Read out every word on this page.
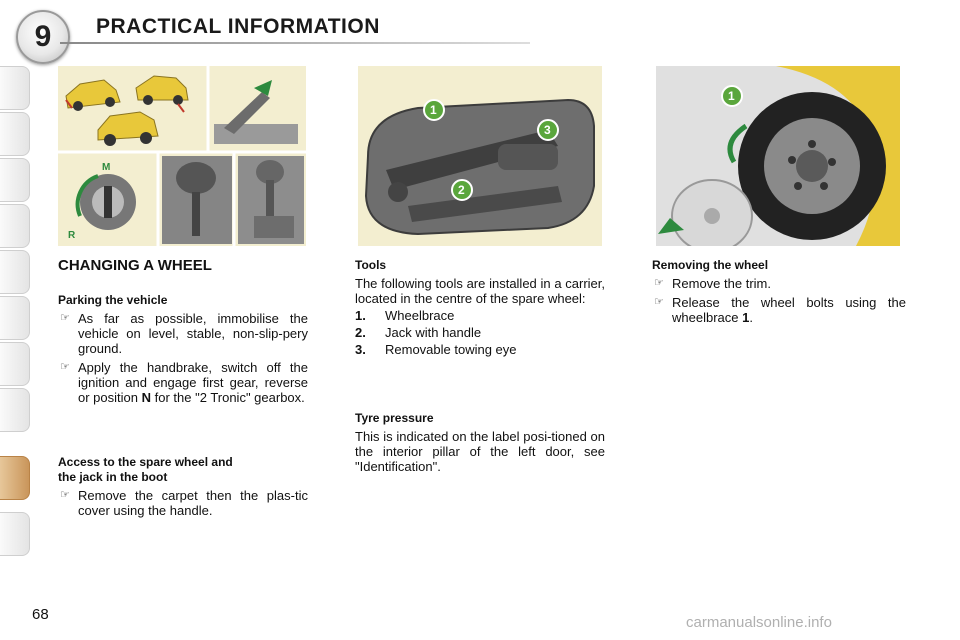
9 PRACTICAL INFORMATION
M
R
1
2
3
1
CHANGING A WHEEL
Parking the vehicle
☞ As far as possible, immobilise the vehicle on level, stable, non-slip-pery ground.
☞ Apply the handbrake, switch off the ignition and engage first gear, reverse or position N for the "2 Tronic" gearbox.
Access to the spare wheel and
the jack in the boot
☞ Remove the carpet then the plas-tic cover using the handle.
Tools
The following tools are installed in a carrier, located in the centre of the spare wheel:
1.	Wheelbrace
2.	Jack with handle
3.	Removable towing eye
Tyre pressure
This is indicated on the label posi-tioned on the interior pillar of the left door, see "Identification".
Removing the wheel
☞ Remove the trim.
☞ Release the wheel bolts using the wheelbrace 1.
68	carmanualsonline.info
